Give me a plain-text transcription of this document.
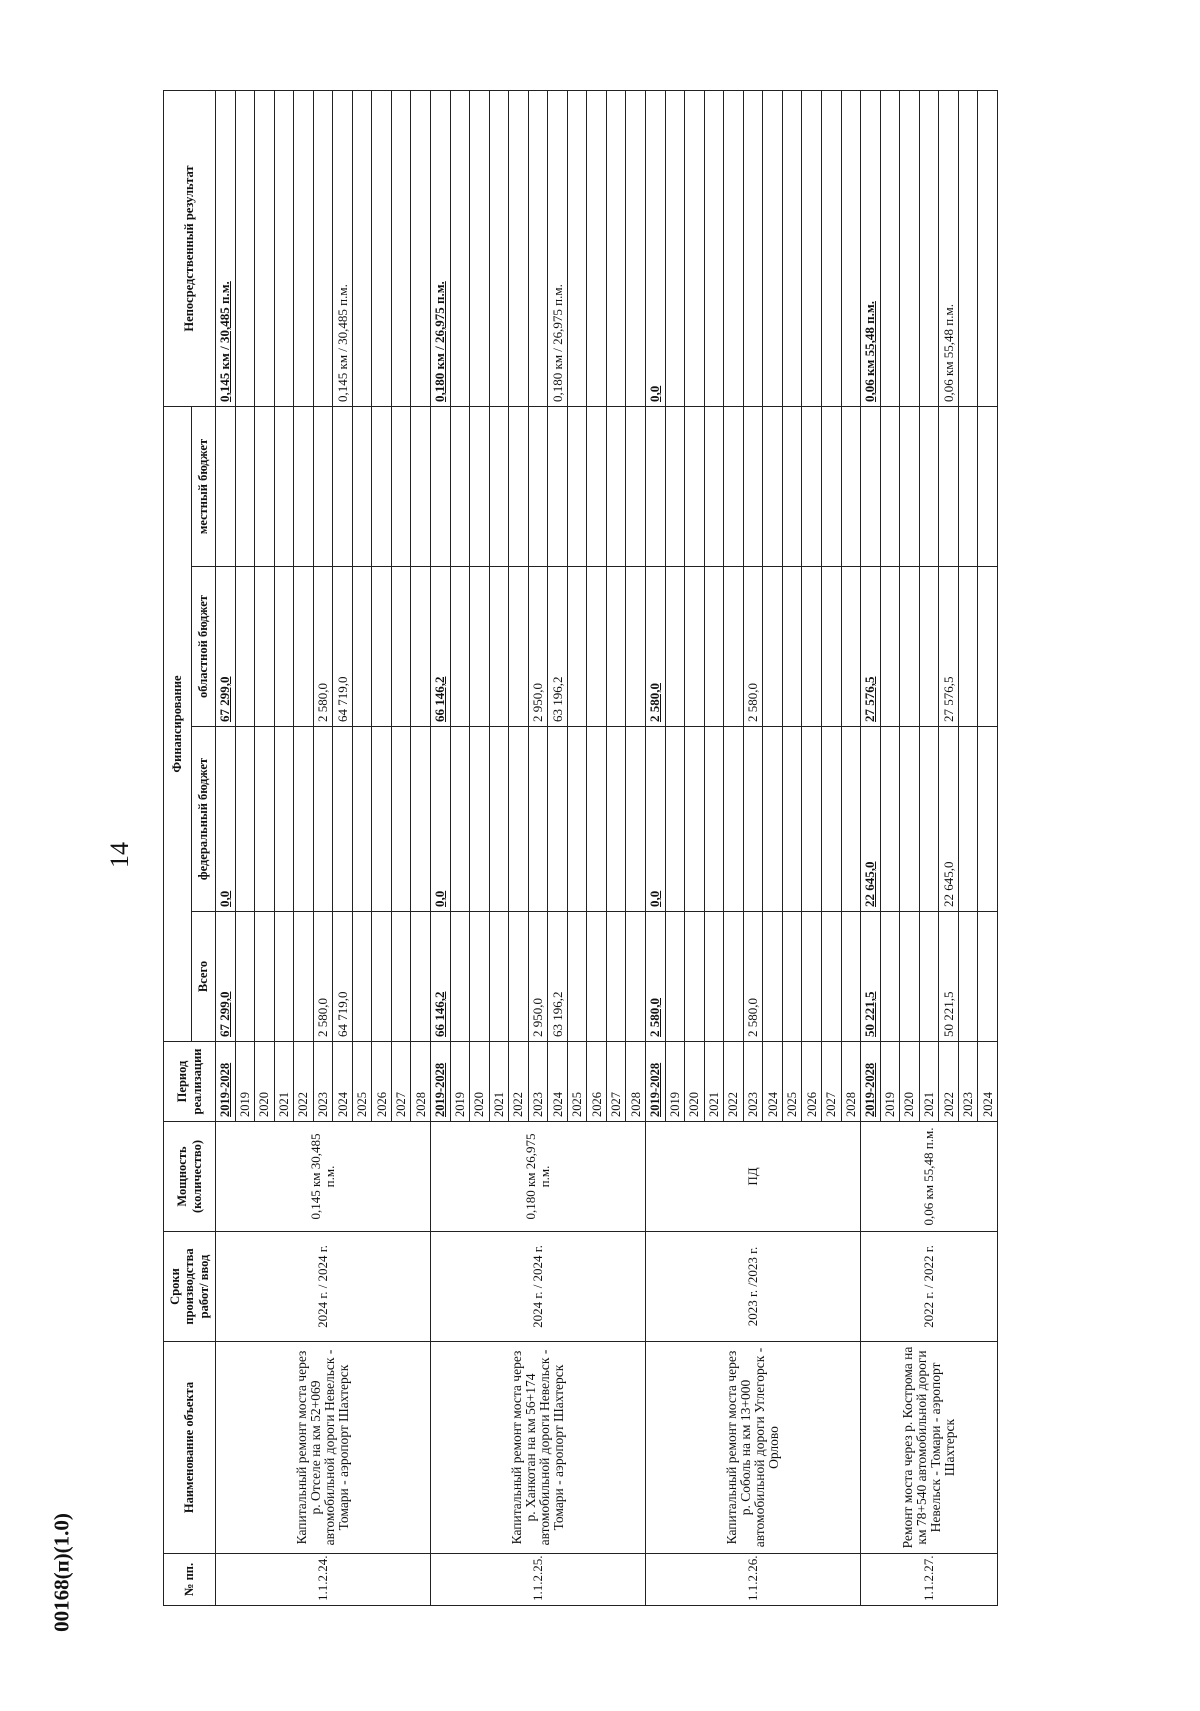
14
00168(п)(1.0)	№ пп.	Наименование объекта	Сроки производства работ/ ввод	Мощность (количество)	Период реализации	Финансирование				Непосредственный результат
					Всего	федеральный бюджет	областной бюджет	местный бюджет	
1.1.2.24.	Капитальный ремонт моста через р. Отселе на км 52+069 автомобильной дороги Невельск - Томари - аэропорт Шахтерск	2024 г. / 2024 г.	0,145 км 30,485 п.м.	2019-2028	67 299,0	0,0	67 299,0		0,145 км / 30,485 п.м.
				2019					
				2020					
				2021					
				2022					
				2023	2 580,0		2 580,0		
				2024	64 719,0		64 719,0		0,145 км / 30,485 п.м.
				2025					
				2026					
				2027					
				2028					
1.1.2.25.	Капитальный ремонт моста через р. Ханкотан на км 56+174 автомобильной дороги Невельск - Томари - аэропорт Шахтерск	2024 г. / 2024 г.	0,180 км 26,975 п.м.	2019-2028	66 146,2	0,0	66 146,2		0,180 км / 26,975 п.м.
				2019					
				2020					
				2021					
				2022					
				2023	2 950,0		2 950,0		
				2024	63 196,2		63 196,2		0,180 км / 26,975 п.м.
				2025					
				2026					
				2027					
				2028					
1.1.2.26.	Капитальный ремонт моста через р. Соболь на км 13+000 автомобильной дороги Углегорск - Орлово	2023 г. /2023 г.	ПД	2019-2028	2 580,0	0,0	2 580,0		0,0
				2019					
				2020					
				2021					
				2022					
				2023	2 580,0		2 580,0		
				2024					
				2025					
				2026					
				2027					
				2028					
1.1.2.27.	Ремонт моста через р. Кострома на км 78+540 автомобильной дороги Невельск - Томари - аэропорт Шахтерск	2022 г. / 2022 г.	0,06 км 55,48 п.м.	2019-2028	50 221,5	22 645,0	27 576,5		0,06 км 55,48 п.м.
				2019					
				2020					
				2021					
				2022	50 221,5	22 645,0	27 576,5		0,06 км 55,48 п.м.
				2023					
				2024					
